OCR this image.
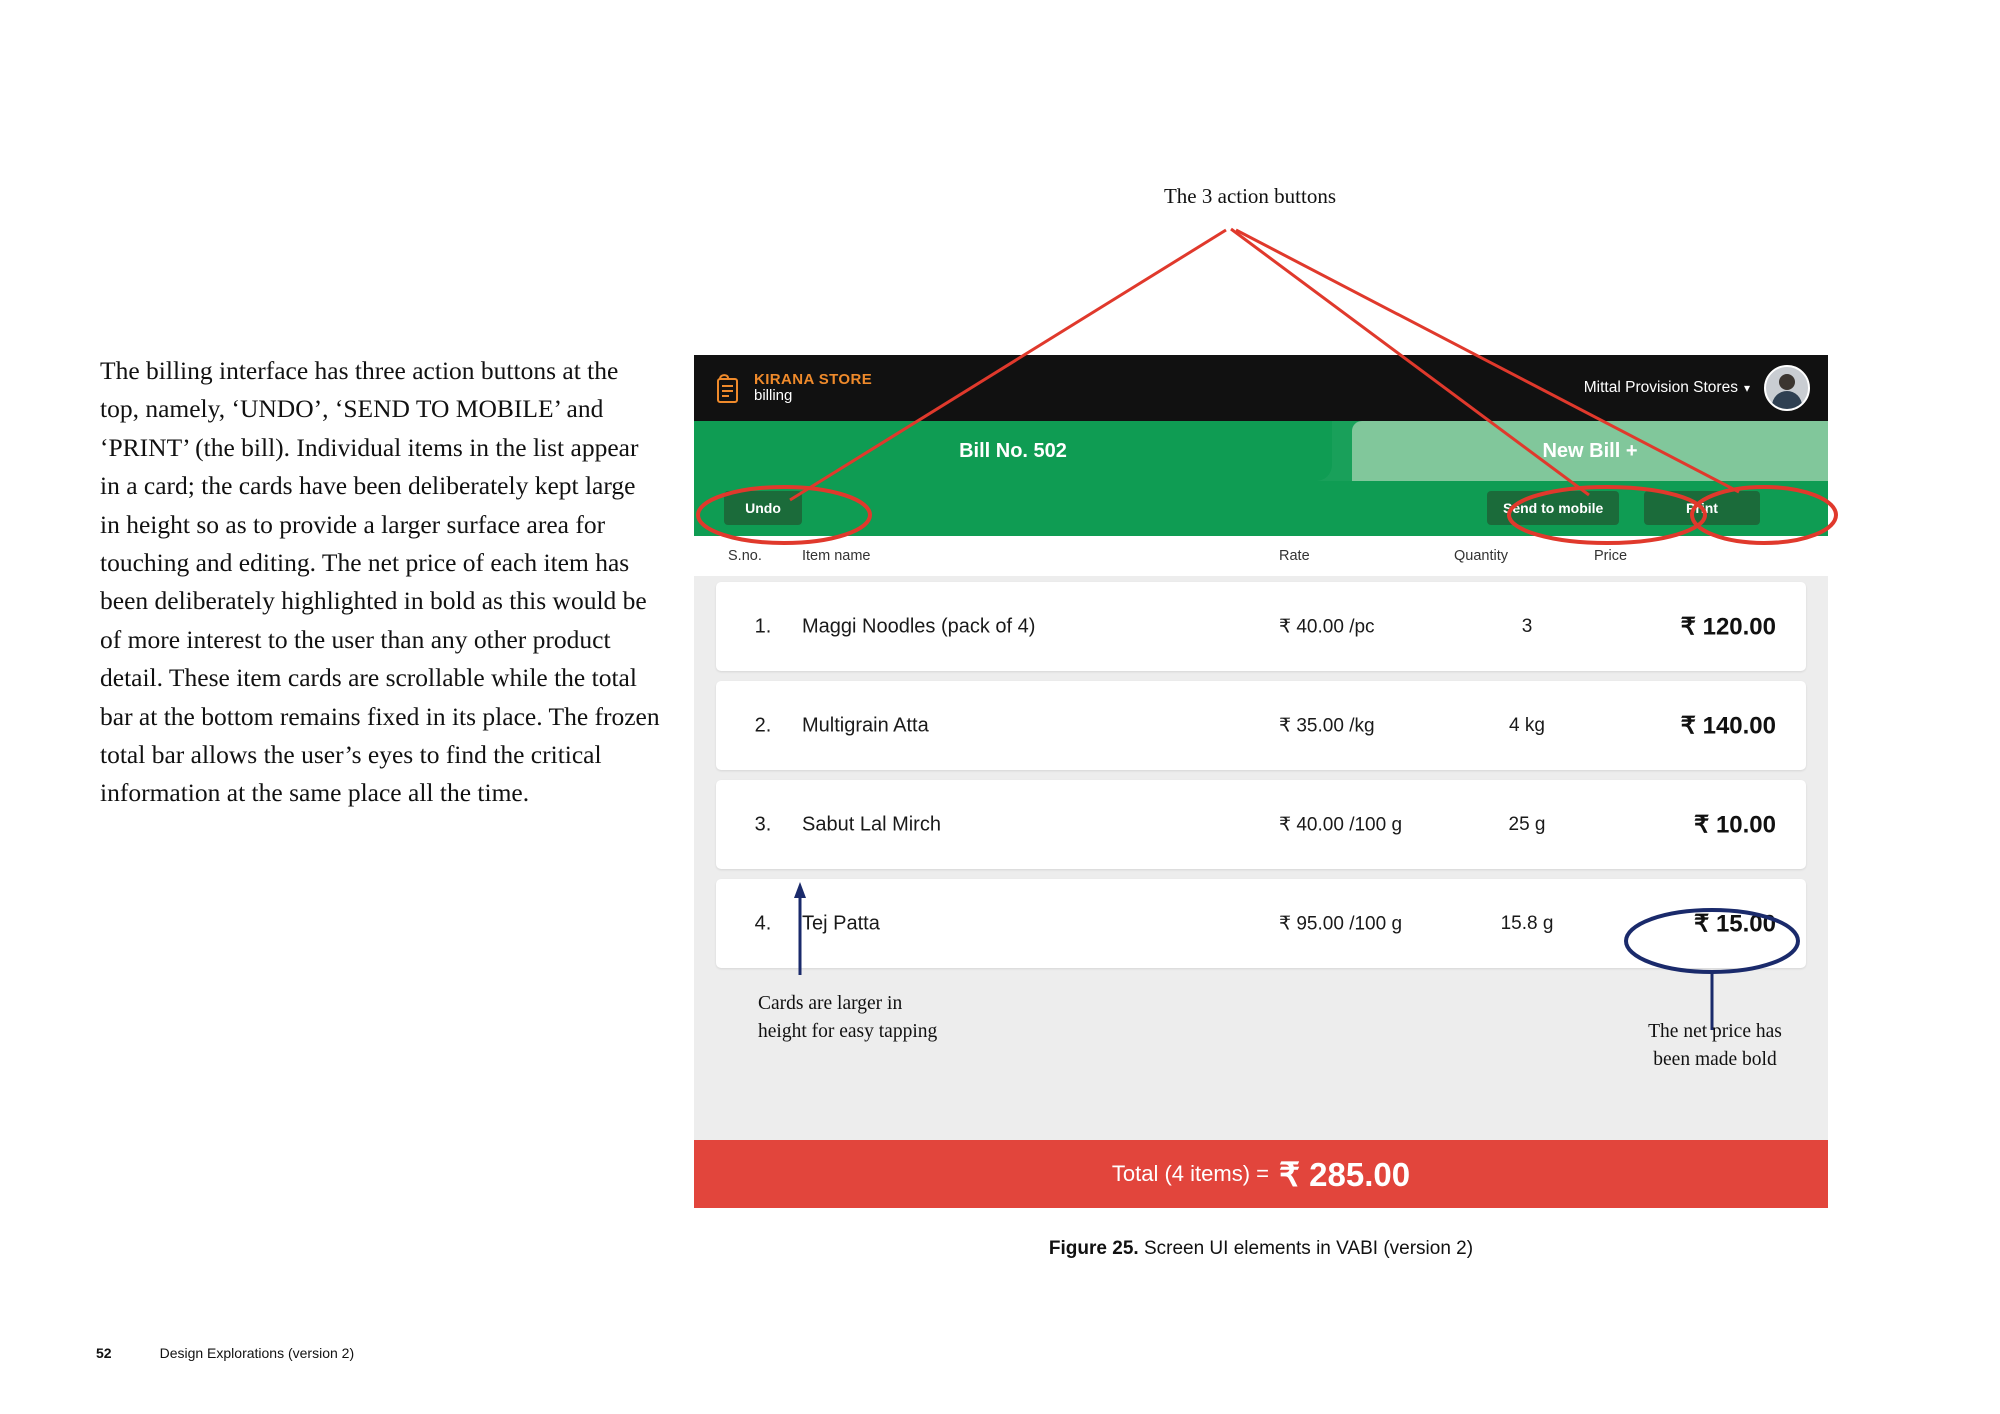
The billing interface has three action buttons at the top, namely, ‘UNDO’, ‘SEND TO MOBILE’ and ‘PRINT’ (the bill). Individual items in the list appear in a card; the cards have been deliberately kept large in height so as to provide a larger surface area for touching and editing. The net price of each item has been deliberately highlighted in bold as this would be of more interest to the user than any other product detail. These item cards are scrollable while the total bar at the bottom remains fixed in its place. The frozen total bar allows the user’s eyes to find the critical information at the same place all the time.
The 3 action buttons
KIRANA STORE
billing	Mittal Provision Stores ▾
Bill No. 502	New Bill +
Undo	Send to mobile	Print
S.no.	Item name	Rate	Quantity	Price
1.	Maggi Noodles (pack of 4)	₹ 40.00 /pc	3	₹ 120.00
2.	Multigrain Atta	₹ 35.00 /kg	4 kg	₹ 140.00
3.	Sabut Lal Mirch	₹ 40.00 /100 g	25 g	₹ 10.00
4.	Tej Patta	₹ 95.00 /100 g	15.8 g	₹ 15.00
Total (4 items) = ₹ 285.00
Cards are larger in
height for easy tapping	The net price has
been made bold
Figure 25. Screen UI elements in VABI (version 2)
52	Design Explorations (version 2)
